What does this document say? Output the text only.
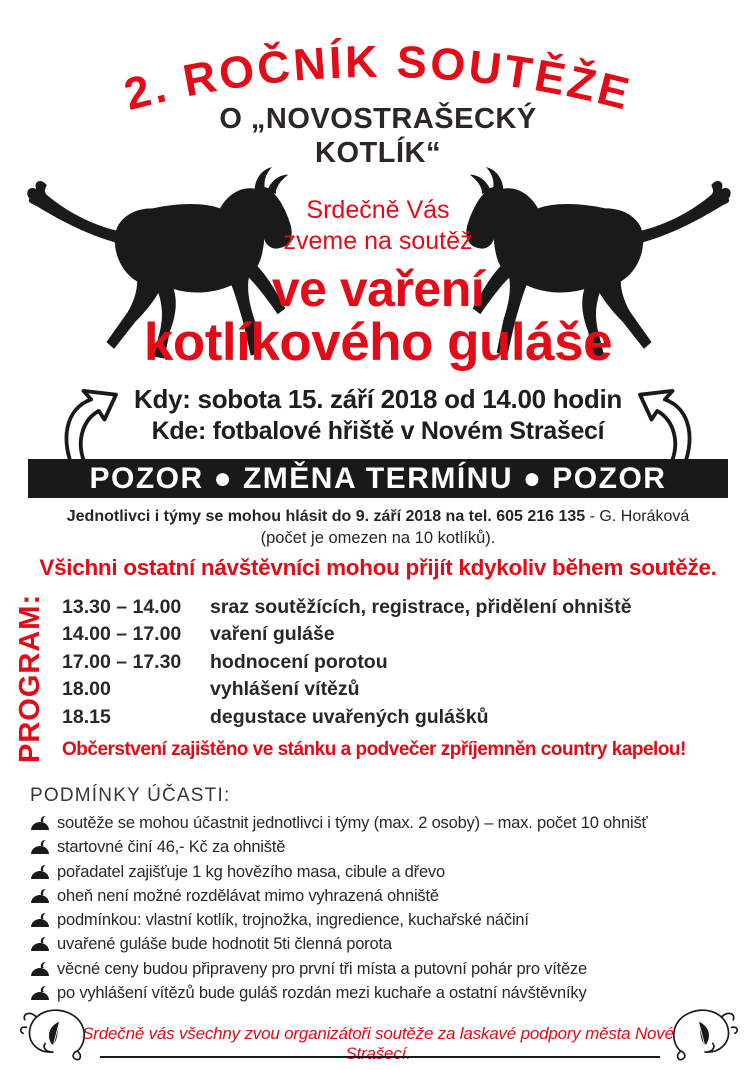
2. ROČNÍK SOUTĚŽE
O „NOVOSTRAŠECKÝ
KOTLÍK“
Srdečně Vás
zveme na soutěž
ve vaření
kotlíkového guláše
Kdy: sobota 15. září 2018 od 14.00 hodin
Kde: fotbalové hřiště v Novém Strašecí
POZOR ● ZMĚNA TERMÍNU ● POZOR
Jednotlivci i týmy se mohou hlásit do 9. září 2018 na tel. 605 216 135 - G. Horáková
(počet je omezen na 10 kotlíků).
Všichni ostatní návštěvníci mohou přijít kdykoliv během soutěže.
PROGRAM: 13.30 – 14.00	sraz soutěžících, registrace, přidělení ohniště
14.00 – 17.00	vaření guláše
17.00 – 17.30	hodnocení porotou
18.00	vyhlášení vítězů
18.15	degustace uvařených gulášků
Občerstvení zajištěno ve stánku a podvečer zpříjemněn country kapelou!
PODMÍNKY ÚČASTI:
soutěže se mohou účastnit jednotlivci i týmy (max. 2 osoby) – max. počet 10 ohnišť
startovné činí 46,- Kč za ohniště
pořadatel zajišťuje 1 kg hovězího masa, cibule a dřevo
oheň není možné rozdělávat mimo vyhrazená ohniště
podmínkou: vlastní kotlík, trojnožka, ingredience, kuchařské náčiní
uvařené guláše bude hodnotit 5ti členná porota
věcné ceny budou připraveny pro první tři místa a putovní pohár pro vítěze
po vyhlášení vítězů bude guláš rozdán mezi kuchaře a ostatní návštěvníky
Srdečně vás všechny zvou organizátoři soutěže za laskavé podpory města Nové Strašecí.
